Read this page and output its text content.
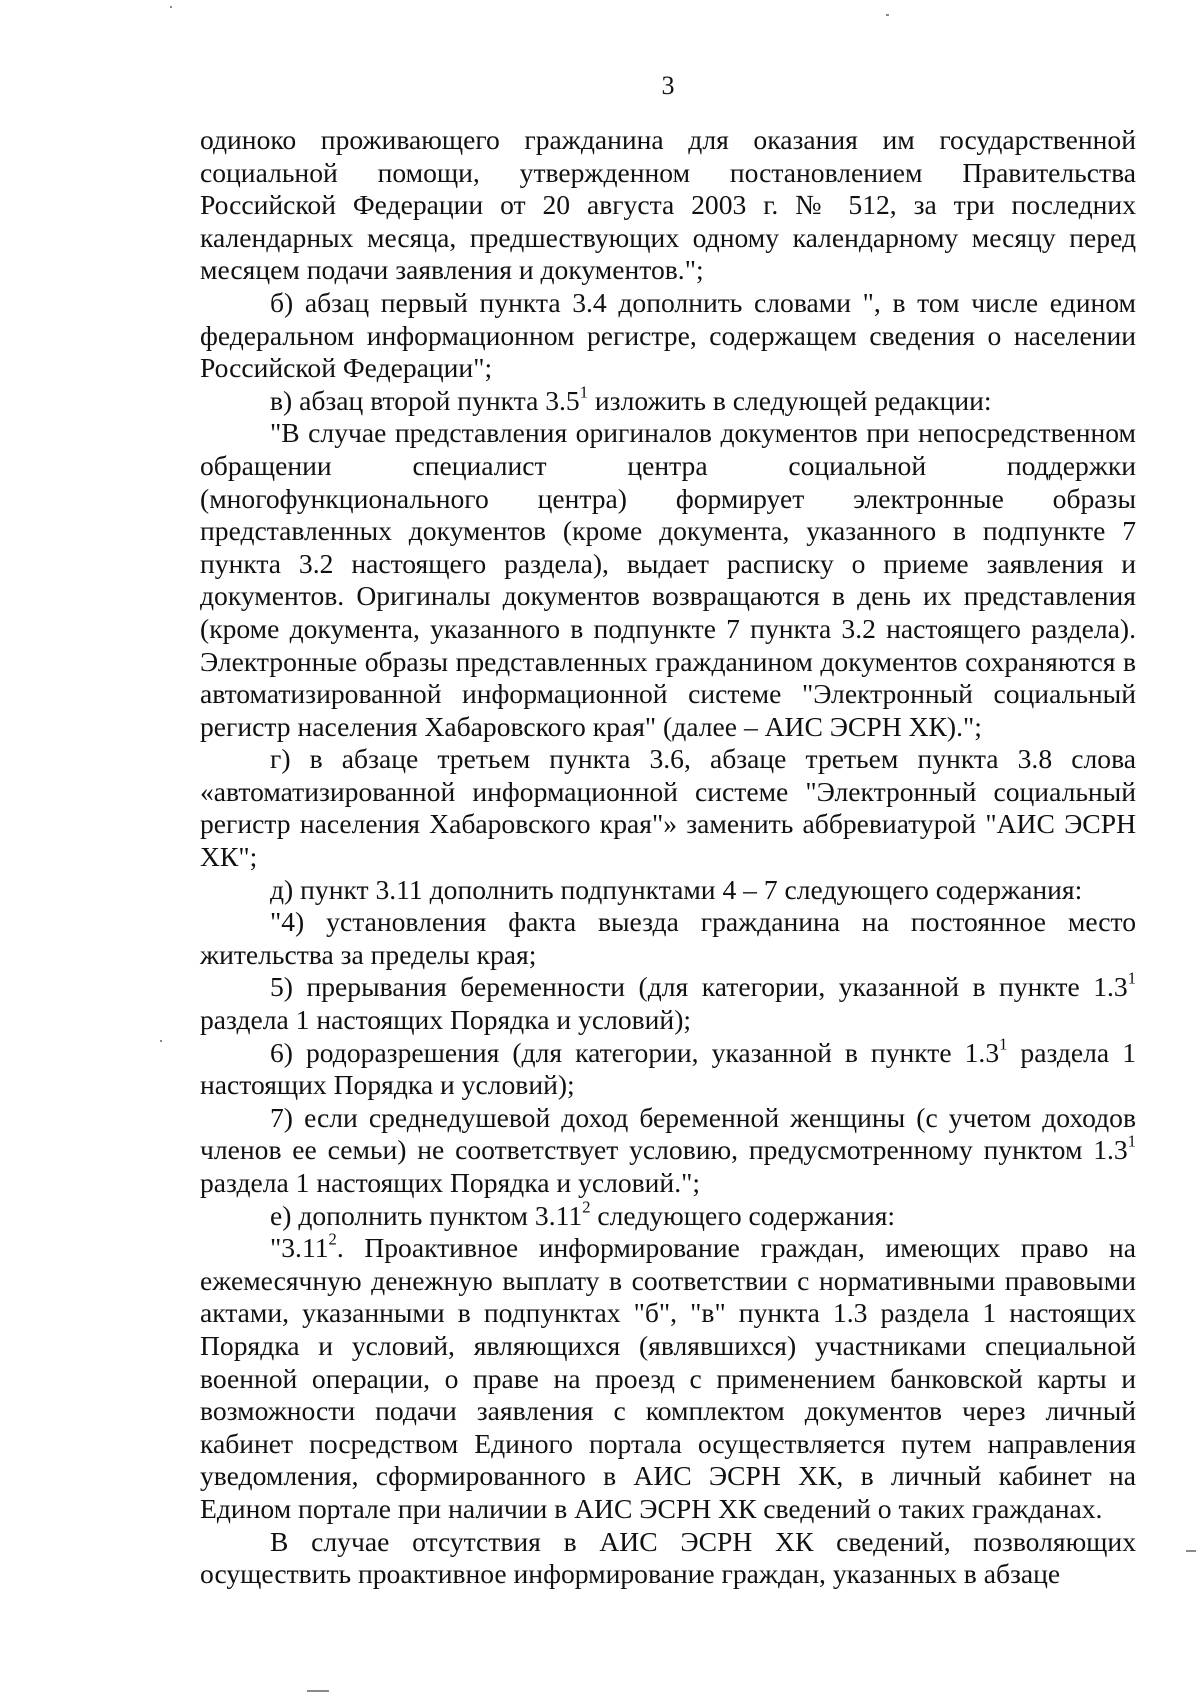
3

одиноко проживающего гражданина для оказания им государственной социальной помощи, утвержденном постановлением Правительства Российской Федерации от 20 августа 2003 г. № 512, за три последних календарных месяца, предшествующих одному календарному месяцу перед месяцем подачи заявления и документов.";

б) абзац первый пункта 3.4 дополнить словами ", в том числе едином федеральном информационном регистре, содержащем сведения о населении Российской Федерации";

в) абзац второй пункта $3.5^1$ изложить в следующей редакции:

"В случае представления оригиналов документов при непосредственном обращении специалист центра социальной поддержки (многофункционального центра) формирует электронные образы представленных документов (кроме документа, указанного в подпункте 7 пункта 3.2 настоящего раздела), выдает расписку о приеме заявления и документов. Оригиналы документов возвращаются в день их представления (кроме документа, указанного в подпункте 7 пункта 3.2 настоящего раздела). Электронные образы представленных гражданином документов сохраняются в автоматизированной информационной системе "Электронный социальный регистр населения Хабаровского края" (далее – АИС ЭСРН ХК).";

г) в абзаце третьем пункта 3.6, абзаце третьем пункта 3.8 слова «автоматизированной информационной системе "Электронный социальный регистр населения Хабаровского края"» заменить аббревиатурой "АИС ЭСРН ХК";

д) пункт 3.11 дополнить подпунктами 4 – 7 следующего содержания:

"4) установления факта выезда гражданина на постоянное место жительства за пределы края;

5) прерывания беременности (для категории, указанной в пункте $1.3^1$ раздела 1 настоящих Порядка и условий);

6) родоразрешения (для категории, указанной в пункте $1.3^1$ раздела 1 настоящих Порядка и условий);

7) если среднедушевой доход беременной женщины (с учетом доходов членов ее семьи) не соответствует условию, предусмотренному пунктом $1.3^1$ раздела 1 настоящих Порядка и условий.";

е) дополнить пунктом 3.11$^2$ следующего содержания:

"3.11$^2$. Проактивное информирование граждан, имеющих право на ежемесячную денежную выплату в соответствии с нормативными правовыми актами, указанными в подпунктах "б", "в" пункта 1.3 раздела 1 настоящих Порядка и условий, являющихся (являвшихся) участниками специальной военной операции, о праве на проезд с применением банковской карты и возможности подачи заявления с комплектом документов через личный кабинет посредством Единого портала осуществляется путем направления уведомления, сформированного в АИС ЭСРН ХК, в личный кабинет на Едином портале при наличии в АИС ЭСРН ХК сведений о таких гражданах.

В случае отсутствия в АИС ЭСРН ХК сведений, позволяющих осуществить проактивное информирование граждан, указанных в абзаце
